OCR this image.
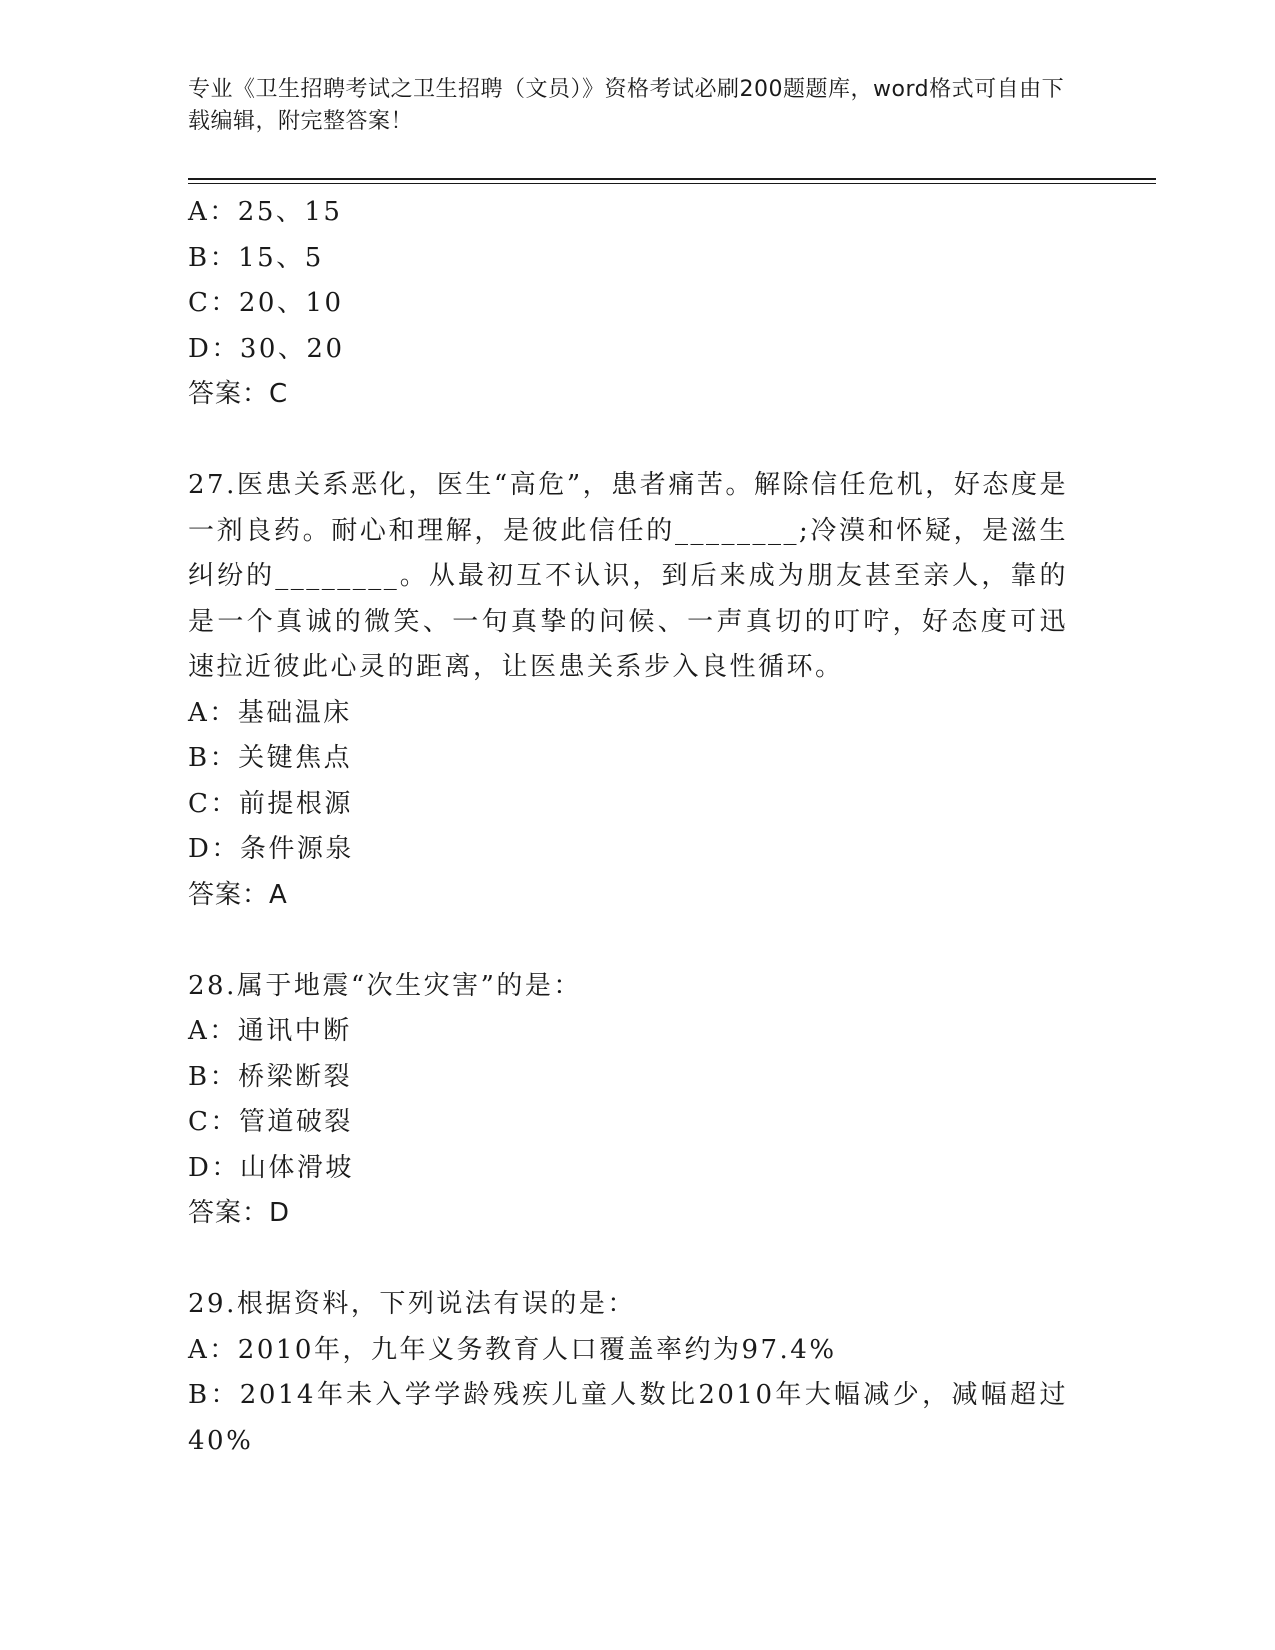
专业《卫生招聘考试之卫生招聘（文员）》资格考试必刷200题题库，word格式可自由下载编辑，附完整答案！
A：25、15
B：15、5
C：20、10
D：30、20
答案：C
27.医患关系恶化，医生“高危”，患者痛苦。解除信任危机，好态度是一剂良药。耐心和理解，是彼此信任的________;冷漠和怀疑，是滋生纠纷的________。从最初互不认识，到后来成为朋友甚至亲人，靠的是一个真诚的微笑、一句真挚的问候、一声真切的叮咛，好态度可迅速拉近彼此心灵的距离，让医患关系步入良性循环。
A：基础温床
B：关键焦点
C：前提根源
D：条件源泉
答案：A
28.属于地震“次生灾害”的是：
A：通讯中断
B：桥梁断裂
C：管道破裂
D：山体滑坡
答案：D
29.根据资料，下列说法有误的是：
A：2010年，九年义务教育人口覆盖率约为97.4%
B：2014年未入学学龄残疾儿童人数比2010年大幅减少，减幅超过40%
